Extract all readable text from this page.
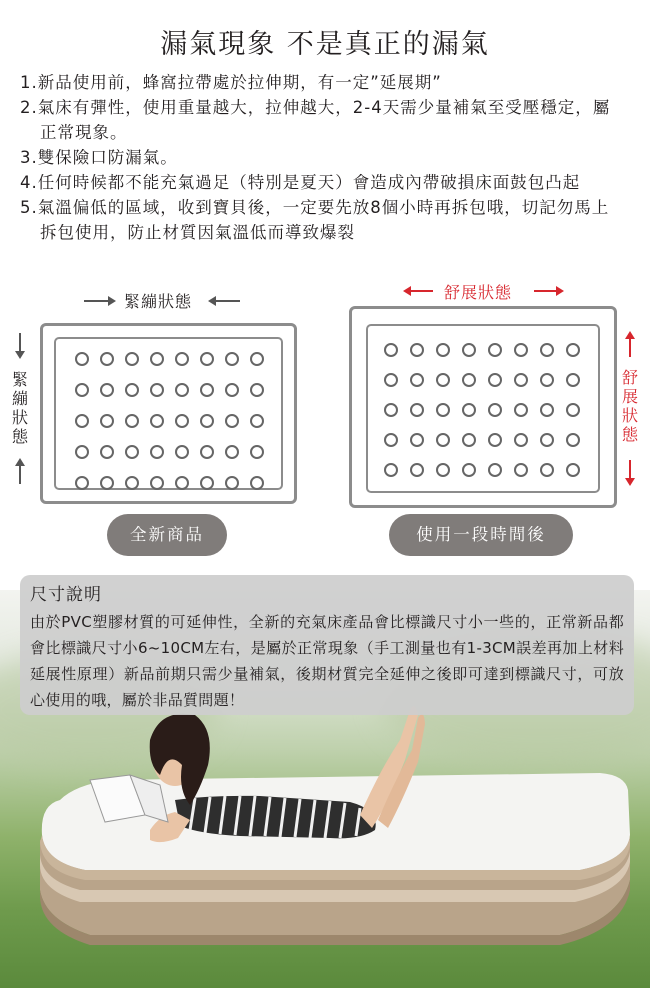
漏氣現象 不是真正的漏氣
1.新品使用前，蜂窩拉帶處於拉伸期，有一定”延展期”
2.氣床有彈性，使用重量越大，拉伸越大，2-4天需少量補氣至受壓穩定，屬正常現象。
3.雙保險口防漏氣。
4.任何時候都不能充氣過足（特別是夏天）會造成內帶破損床面鼓包凸起
5.氣溫偏低的區域，收到寶貝後，一定要先放8個小時再拆包哦，切記勿馬上拆包使用，防止材質因氣溫低而導致爆裂
緊繃狀態
緊繃狀態
全新商品
舒展狀態
舒展狀態
使用一段時間後
尺寸說明
由於PVC塑膠材質的可延伸性，全新的充氣床產品會比標識尺寸小一些的，正常新品都會比標識尺寸小6~10CM左右，是屬於正常現象（手工測量也有1-3CM誤差再加上材料延展性原理）新品前期只需少量補氣，後期材質完全延伸之後即可達到標識尺寸，可放心使用的哦，屬於非品質問題！
